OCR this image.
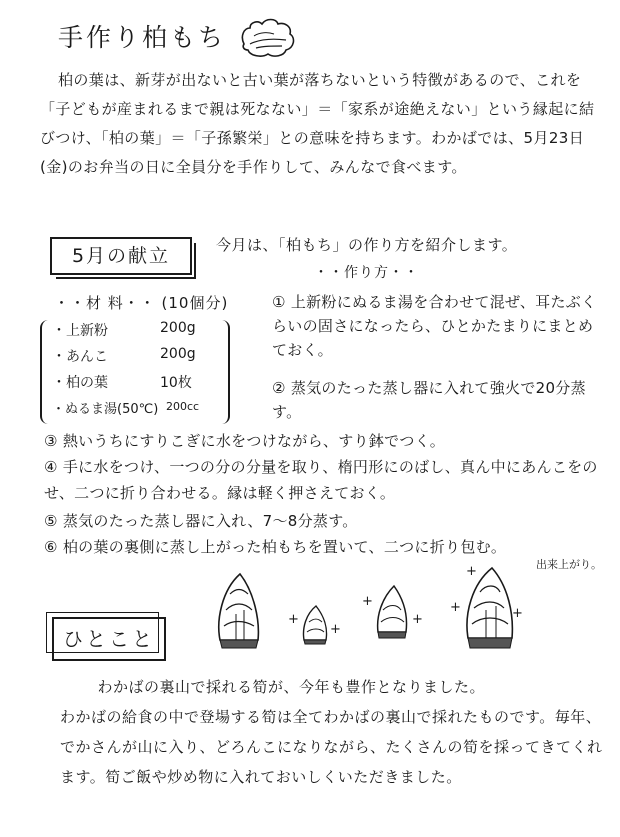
手作り柏もち

柏の葉は、新芽が出ないと古い葉が落ちないという特徴があるので、これを「子どもが産まれるまで親は死なない」＝「家系が途絶えない」という縁起に結びつけ、「柏の葉」＝「子孫繁栄」との意味を持ちます。わかばでは、5月23日(金)のお弁当の日に全員分を手作りして、みんなで食べます。

5月の献立	今月は、「柏もち」の作り方を紹介します。
・・作り方・・
・・材 料・・ (10個分)
・上新粉	200g
・あんこ	200g
・柏の葉	10枚
・ぬるま湯(50℃) 200cc
① 上新粉にぬるま湯を合わせて混ぜ、耳たぶくらいの固さになったら、ひとかたまりにまとめておく。
② 蒸気のたった蒸し器に入れて強火で20分蒸す。
③ 熱いうちにすりこぎに水をつけながら、すり鉢でつく。
④ 手に水をつけ、一つの分の分量を取り、楕円形にのばし、真ん中にあんこをのせ、二つに折り合わせる。縁は軽く押さえておく。
⑤ 蒸気のたった蒸し器に入れ、7～8分蒸す。
⑥ 柏の葉の裏側に蒸し上がった柏もちを置いて、二つに折り包む。
出来上がり。
+
+
+
+
+
+
+
ひとこと

わかばの裏山で採れる筍が、今年も豊作となりました。

わかばの給食の中で登場する筍は全てわかばの裏山で採れたものです。毎年、でかさんが山に入り、どろんこになりながら、たくさんの筍を採ってきてくれます。筍ご飯や炒め物に入れておいしくいただきました。
